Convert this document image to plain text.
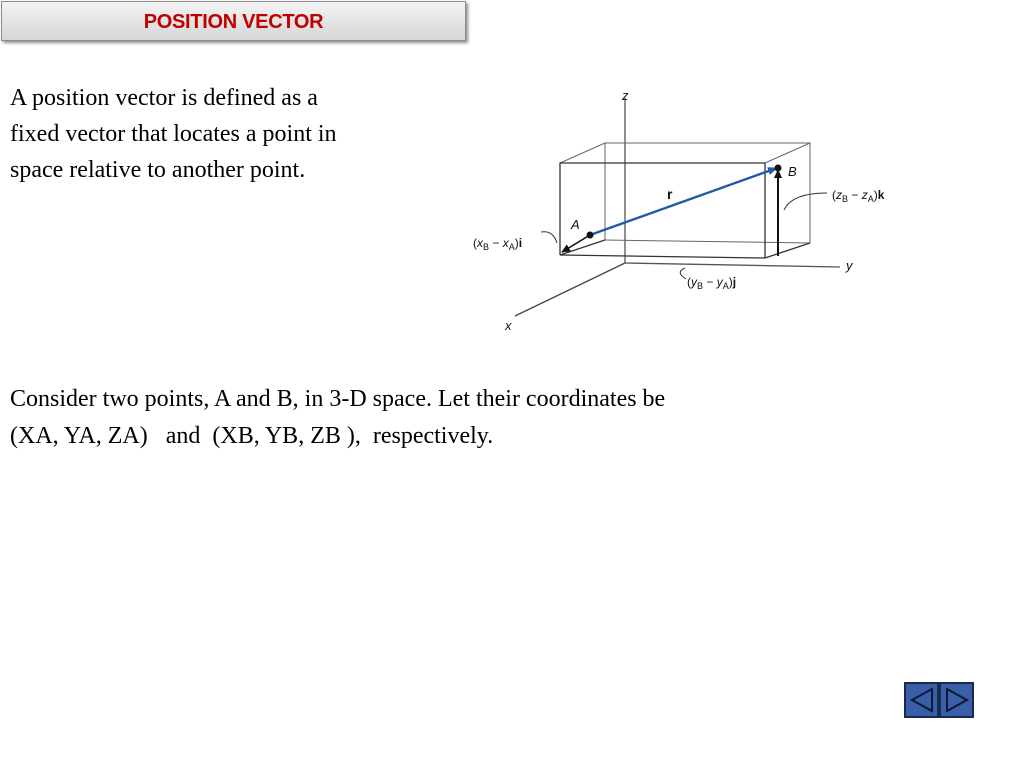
POSITION VECTOR
A position vector is defined as a
fixed vector that locates a point in
space relative to another point.
z
y
x
A
B
r
$(x_B - x_A)i$
$(z_B - z_A)k$
$(y_B - y_A)j$
Consider two points, A and B, in 3-D space. Let their coordinates be
(XA, YA, ZA)   and  (XB, YB, ZB ),  respectively.
